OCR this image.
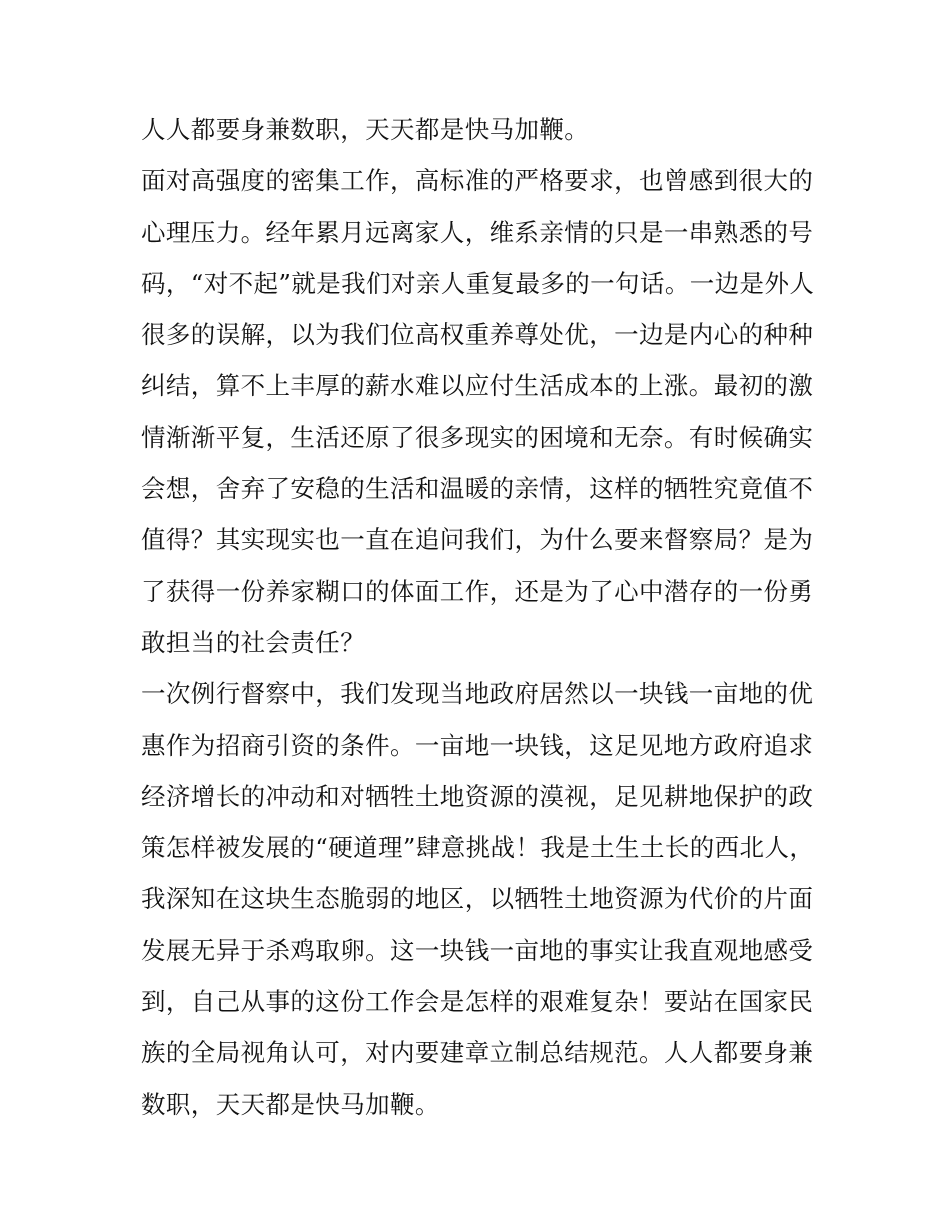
人人都要身兼数职，天天都是快马加鞭。
面对高强度的密集工作，高标准的严格要求，也曾感到很大的
心理压力。经年累月远离家人，维系亲情的只是一串熟悉的号
码，“对不起”就是我们对亲人重复最多的一句话。一边是外人
很多的误解，以为我们位高权重养尊处优，一边是内心的种种
纠结，算不上丰厚的薪水难以应付生活成本的上涨。最初的激
情渐渐平复，生活还原了很多现实的困境和无奈。有时候确实
会想，舍弃了安稳的生活和温暖的亲情，这样的牺牲究竟值不
值得？其实现实也一直在追问我们，为什么要来督察局？是为
了获得一份养家糊口的体面工作，还是为了心中潜存的一份勇
敢担当的社会责任？
一次例行督察中，我们发现当地政府居然以一块钱一亩地的优
惠作为招商引资的条件。一亩地一块钱，这足见地方政府追求
经济增长的冲动和对牺牲土地资源的漠视，足见耕地保护的政
策怎样被发展的“硬道理”肆意挑战！我是土生土长的西北人，
我深知在这块生态脆弱的地区，以牺牲土地资源为代价的片面
发展无异于杀鸡取卵。这一块钱一亩地的事实让我直观地感受
到，自己从事的这份工作会是怎样的艰难复杂！要站在国家民
族的全局视角认可，对内要建章立制总结规范。人人都要身兼
数职，天天都是快马加鞭。
